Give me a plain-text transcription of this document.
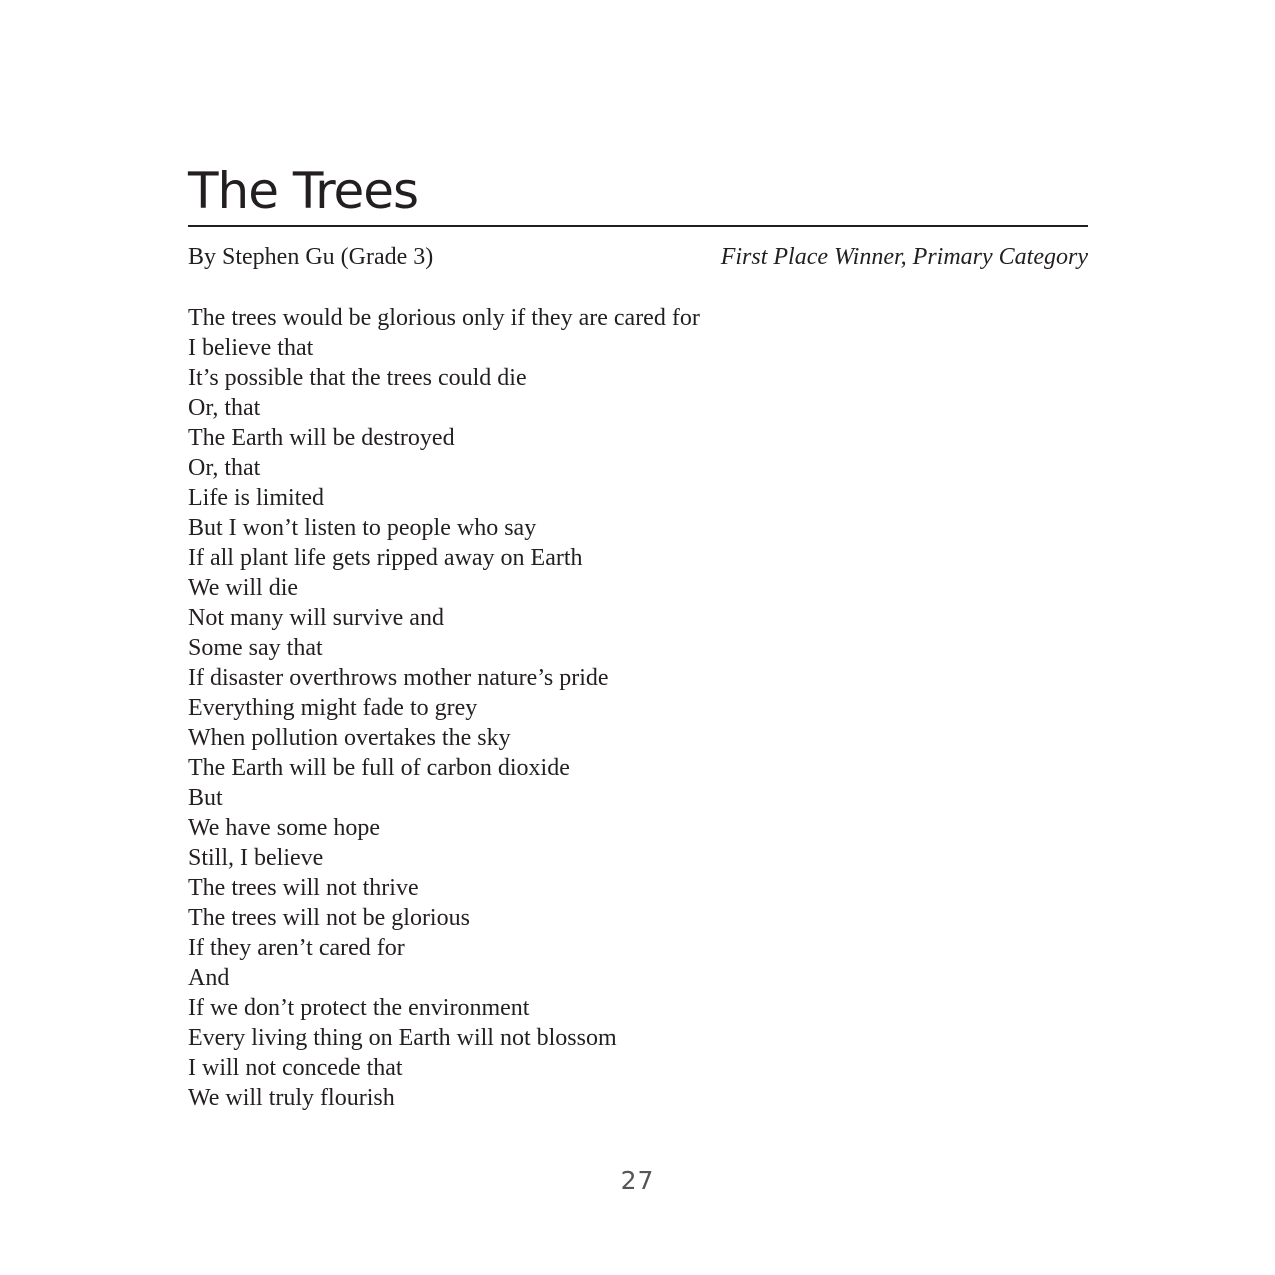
The Trees
By Stephen Gu (Grade 3)	First Place Winner, Primary Category
The trees would be glorious only if they are cared for
I believe that
It’s possible that the trees could die
Or, that
The Earth will be destroyed
Or, that
Life is limited
But I won’t listen to people who say
If all plant life gets ripped away on Earth
We will die
Not many will survive and
Some say that
If disaster overthrows mother nature’s pride
Everything might fade to grey
When pollution overtakes the sky
The Earth will be full of carbon dioxide
But
We have some hope
Still, I believe
The trees will not thrive
The trees will not be glorious
If they aren’t cared for
And
If we don’t protect the environment
Every living thing on Earth will not blossom
I will not concede that
We will truly flourish
27
